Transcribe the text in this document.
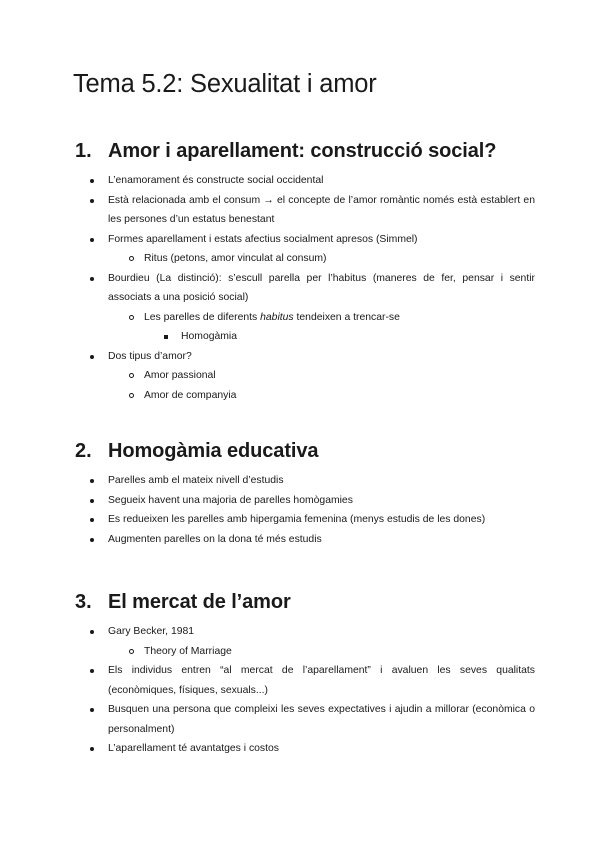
Tema 5.2: Sexualitat i amor
1. Amor i aparellament: construcció social?
L’enamorament és constructe social occidental
Està relacionada amb el consum → el concepte de l’amor romàntic només està establert en les persones d’un estatus benestant
Formes aparellament i estats afectius socialment apresos (Simmel)
Ritus (petons, amor vinculat al consum)
Bourdieu (La distinció): s’escull parella per l’habitus (maneres de fer, pensar i sentir associats a una posició social)
Les parelles de diferents habitus tendeixen a trencar-se
Homogàmia
Dos tipus d’amor?
Amor passional
Amor de companyia
2. Homogàmia educativa
Parelles amb el mateix nivell d’estudis
Segueix havent una majoria de parelles homògamies
Es redueixen les parelles amb hipergamia femenina (menys estudis de les dones)
Augmenten parelles on la dona té més estudis
3. El mercat de l’amor
Gary Becker, 1981
Theory of Marriage
Els individus entren “al mercat de l’aparellament” i avaluen les seves qualitats (econòmiques, físiques, sexuals...)
Busquen una persona que compleixi les seves expectatives i ajudin a millorar (econòmica o personalment)
L’aparellament té avantatges i costos
